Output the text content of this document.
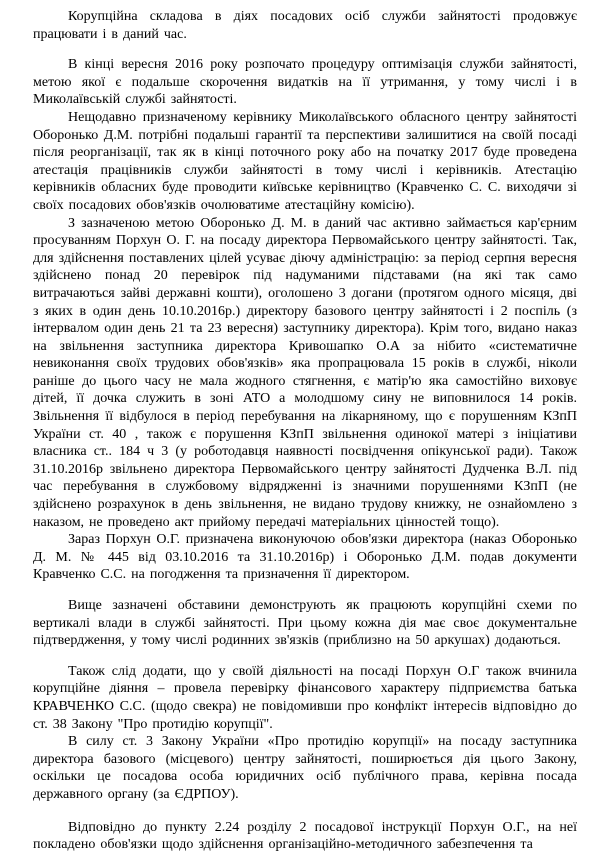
Корупційна складова в діях посадових осіб служби зайнятості продовжує працювати і в даний час.

В кінці вересня 2016 року розпочато процедуру оптимізація служби зайнятості, метою якої є подальше скорочення видатків на її утримання, у тому числі і в Миколаївській службі зайнятості.

Нещодавно призначеному керівнику Миколаївського обласного центру зайнятості Оборонько Д.М. потрібні подальші гарантії та перспективи залишитися на своїй посаді після реорганізації, так як в кінці поточного року або на початку 2017 буде проведена атестація працівників служби зайнятості в тому числі і керівників. Атестацію керівників обласних буде проводити київське керівництво (Кравченко С. С. виходячи зі своїх посадових обов'язків очолюватиме атестаційну комісію).

З зазначеною метою Оборонько Д. М. в даний час активно займається кар'єрним просуванням Порхун О. Г. на посаду директора Первомайського центру зайнятості. Так, для здійснення поставлених цілей усуває діючу адміністрацію: за період серпня вересня здійснено понад 20 перевірок під надуманими підставами (на які так само витрачаються зайві державні кошти), оголошено 3 догани (протягом одного місяця, дві з яких в один день 10.10.2016р.) директору базового центру зайнятості і 2 поспіль (з інтервалом один день 21 та 23 вересня) заступнику директора). Крім того, видано наказ на звільнення заступника директора Кривошапко О.А за нібито «систематичне невиконання своїх трудових обов'язків» яка пропрацювала 15 років в службі, ніколи раніше до цього часу не мала жодного стягнення, є матір'ю яка самостійно виховує дітей, її дочка служить в зоні АТО а молодшому сину не виповнилося 14 років. Звільнення її відбулося в період перебування на лікарняному, що є порушенням КЗпП України ст. 40 , також є порушення КЗпП звільнення одинокої матері з ініціативи власника ст.. 184 ч 3 (у роботодавця наявності посвідчення опікунської ради). Також 31.10.2016р звільнено директора Первомайського центру зайнятості Дудченка В.Л. під час перебування в службовому відрядженні із значними порушеннями КЗпП (не здійснено розрахунок в день звільнення, не видано трудову книжку, не ознайомлено з наказом, не проведено акт прийому передачі матеріальних цінностей тощо).

Зараз Порхун О.Г. призначена виконуючою обов'язки директора (наказ Оборонько Д. М. № 445 від 03.10.2016 та 31.10.2016р) і Оборонько Д.М. подав документи Кравченко С.С. на погодження та призначення її директором.

Вище зазначені обставини демонструють як працюють корупційні схеми по вертикалі влади в службі зайнятості. При цьому кожна дія має своє документальне підтвердження, у тому числі родинних зв'язків (приблизно на 50 аркушах) додаються.

Також слід додати, що у своїй діяльності на посаді Порхун О.Г також вчинила корупційне діяння – провела перевірку фінансового характеру підприємства батька КРАВЧЕНКО С.С. (щодо свекра) не повідомивши про конфлікт інтересів відповідно до ст. 38 Закону "Про протидію корупції".

В силу ст. 3 Закону України «Про протидію корупції» на посаду заступника директора базового (місцевого) центру зайнятості, поширюється дія цього Закону, оскільки це посадова особа юридичних осіб публічного права, керівна посада державного органу (за ЄДРПОУ).

Відповідно до пункту 2.24 розділу 2 посадової інструкції Порхун О.Г., на неї покладено обов'язки щодо здійснення організаційно-методичного забезпечення та
